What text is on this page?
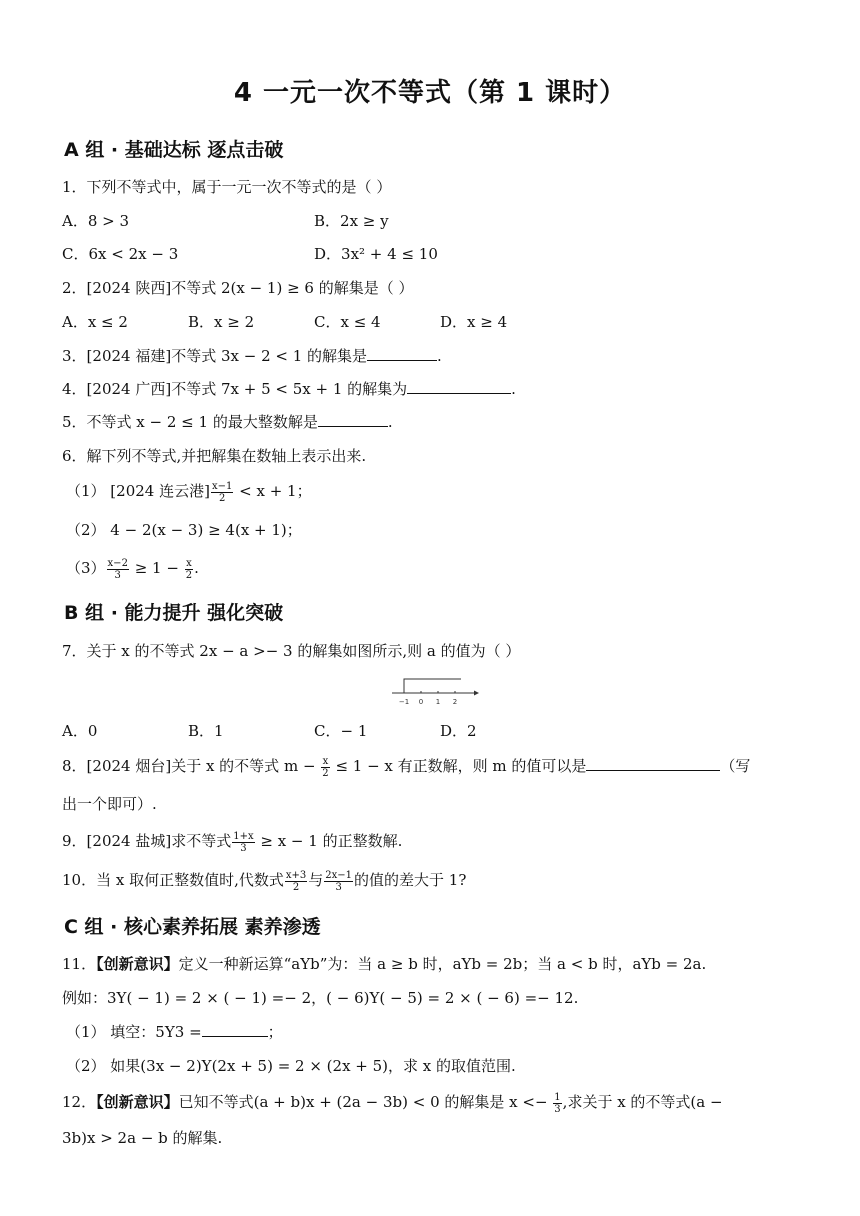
4 一元一次不等式（第 1 课时）
A 组 · 基础达标 逐点击破
1．下列不等式中，属于一元一次不等式的是（ ）
A．8 > 3	B．2x ≥ y
C．6x < 2x − 3	D．3x² + 4 ≤ 10
2．[2024 陕西]不等式 2(x − 1) ≥ 6 的解集是（ ）
A．x ≤ 2	B．x ≥ 2	C．x ≤ 4	D．x ≥ 4
3．[2024 福建]不等式 3x − 2 < 1 的解集是	.
4．[2024 广西]不等式 7x + 5 < 5x + 1 的解集为	.
5．不等式 x − 2 ≤ 1 的最大整数解是	.
6．解下列不等式,并把解集在数轴上表示出来.
（1） [2024 连云港] $\frac{x-1}{2} < x + 1$；
（2） 4 − 2(x − 3) ≥ 4(x + 1)；
$(3) \frac{x-2}{3} \ge 1 - \frac{x}{2}$ .
B 组 · 能力提升 强化突破
7．关于 x 的不等式 2x − a >− 3 的解集如图所示,则 a 的值为（ ）
−1 0 1 2
A．0	B．1	C．− 1	D．2
8．[2024 烟台]关于 x 的不等式 $m - \frac{x}{2} \le 1 - x$ 有正数解，则 m 的值可以是	（写
出一个即可）.
9．[2024 盐城]求不等式 $\frac{1+x}{3} \ge x - 1$ 的正整数解.
10．当 x 取何正整数值时,代数式 $\frac{x+3}{2}$ 与 $\frac{2x-1}{3}$ 的值的差大于 1?
C 组 · 核心素养拓展 素养渗透
11．【创新意识】定义一种新运算“aYb”为：当 a ≥ b 时，aYb = 2b；当 a < b 时，aYb = 2a.
例如：3Y( − 1) = 2 × ( − 1) =− 2，( − 6)Y( − 5) = 2 × ( − 6) =− 12.
（1） 填空：5Y3 =	；
（2） 如果(3x − 2)Y(2x + 5) = 2 × (2x + 5)，求 x 的取值范围.
12．【创新意识】已知不等式(a + b)x + (2a − 3b) < 0 的解集是 $x <- \frac{1}{3}$ ,求关于 x 的不等式(a −
3b)x > 2a − b 的解集.
